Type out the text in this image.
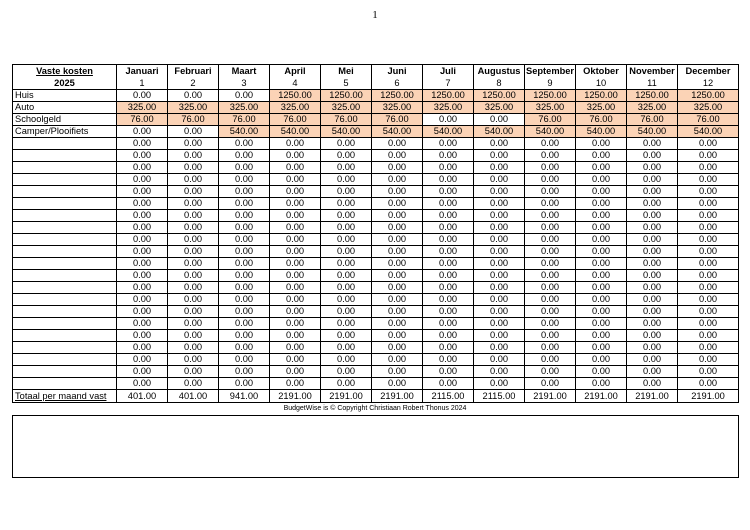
1
Vaste kosten	Januari	Februari	Maart	April	Mei	Juni	Juli	Augustus	September	Oktober	November	December
2025	1	2	3	4	5	6	7	8	9	10	11	12
Huis	0.00	0.00	0.00	1250.00	1250.00	1250.00	1250.00	1250.00	1250.00	1250.00	1250.00	1250.00
Auto	325.00	325.00	325.00	325.00	325.00	325.00	325.00	325.00	325.00	325.00	325.00	325.00
Schoolgeld	76.00	76.00	76.00	76.00	76.00	76.00	0.00	0.00	76.00	76.00	76.00	76.00
Camper/Plooifiets	0.00	0.00	540.00	540.00	540.00	540.00	540.00	540.00	540.00	540.00	540.00	540.00
	0.00	0.00	0.00	0.00	0.00	0.00	0.00	0.00	0.00	0.00	0.00	0.00
	0.00	0.00	0.00	0.00	0.00	0.00	0.00	0.00	0.00	0.00	0.00	0.00
	0.00	0.00	0.00	0.00	0.00	0.00	0.00	0.00	0.00	0.00	0.00	0.00
	0.00	0.00	0.00	0.00	0.00	0.00	0.00	0.00	0.00	0.00	0.00	0.00
	0.00	0.00	0.00	0.00	0.00	0.00	0.00	0.00	0.00	0.00	0.00	0.00
	0.00	0.00	0.00	0.00	0.00	0.00	0.00	0.00	0.00	0.00	0.00	0.00
	0.00	0.00	0.00	0.00	0.00	0.00	0.00	0.00	0.00	0.00	0.00	0.00
	0.00	0.00	0.00	0.00	0.00	0.00	0.00	0.00	0.00	0.00	0.00	0.00
	0.00	0.00	0.00	0.00	0.00	0.00	0.00	0.00	0.00	0.00	0.00	0.00
	0.00	0.00	0.00	0.00	0.00	0.00	0.00	0.00	0.00	0.00	0.00	0.00
	0.00	0.00	0.00	0.00	0.00	0.00	0.00	0.00	0.00	0.00	0.00	0.00
	0.00	0.00	0.00	0.00	0.00	0.00	0.00	0.00	0.00	0.00	0.00	0.00
	0.00	0.00	0.00	0.00	0.00	0.00	0.00	0.00	0.00	0.00	0.00	0.00
	0.00	0.00	0.00	0.00	0.00	0.00	0.00	0.00	0.00	0.00	0.00	0.00
	0.00	0.00	0.00	0.00	0.00	0.00	0.00	0.00	0.00	0.00	0.00	0.00
	0.00	0.00	0.00	0.00	0.00	0.00	0.00	0.00	0.00	0.00	0.00	0.00
	0.00	0.00	0.00	0.00	0.00	0.00	0.00	0.00	0.00	0.00	0.00	0.00
	0.00	0.00	0.00	0.00	0.00	0.00	0.00	0.00	0.00	0.00	0.00	0.00
	0.00	0.00	0.00	0.00	0.00	0.00	0.00	0.00	0.00	0.00	0.00	0.00
	0.00	0.00	0.00	0.00	0.00	0.00	0.00	0.00	0.00	0.00	0.00	0.00
	0.00	0.00	0.00	0.00	0.00	0.00	0.00	0.00	0.00	0.00	0.00	0.00
Totaal per maand vast	401.00	401.00	941.00	2191.00	2191.00	2191.00	2115.00	2115.00	2191.00	2191.00	2191.00	2191.00
BudgetWise is © Copyright Christiaan Robert Thonus 2024
